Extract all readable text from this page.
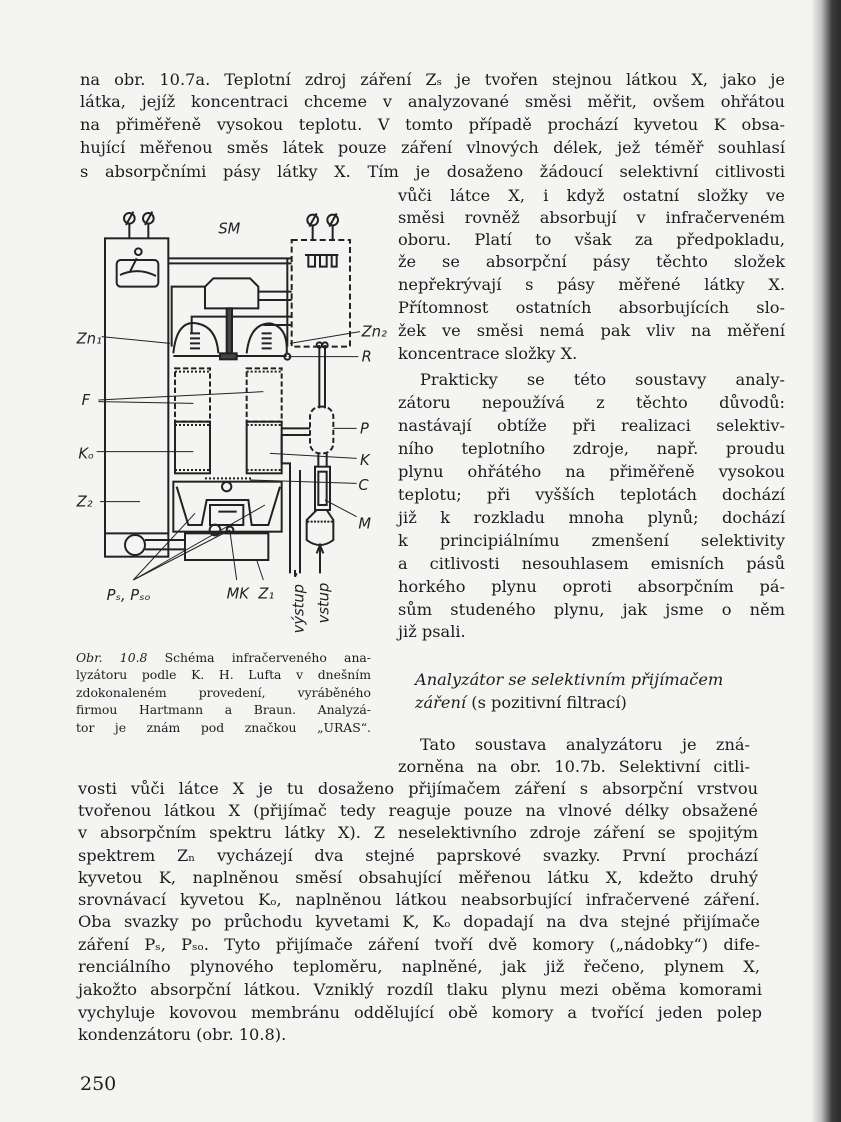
na obr. 10.7a. Teplotní zdroj záření Zₛ je tvořen stejnou látkou X, jako je
látka, jejíž koncentraci chceme v analyzované směsi měřit, ovšem ohřátou
na přiměřeně vysokou teplotu. V tomto případě prochází kyvetou K obsa-
hující měřenou směs látek pouze záření vlnových délek, jež téměř souhlasí
s absorpčními pásy látky X. Tím je dosaženo žádoucí selektivní citlivosti
vůči látce X, i když ostatní složky ve
směsi rovněž absorbují v infračerveném
oboru. Platí to však za předpokladu,
že se absorpční pásy těchto složek
nepřekrývají s pásy měřené látky X.
Přítomnost ostatních absorbujících slo-
žek ve směsi nemá pak vliv na měření
koncentrace složky X.
Prakticky se této soustavy analy-
zátoru nepoužívá z těchto důvodů:
nastávají obtíže při realizaci selektiv-
ního teplotního zdroje, např. proudu
plynu ohřátého na přiměřeně vysokou
teplotu; při vyšších teplotách dochází
již k rozkladu mnoha plynů; dochází
k principiálnímu zmenšení selektivity
a citlivosti nesouhlasem emisních pásů
horkého plynu oproti absorpčním pá-
sům studeného plynu, jak jsme o něm
již psali.
Analyzátor se selektivním přijímačem
záření (s pozitivní filtrací)
Tato soustava analyzátoru je zná-
zorněna na obr. 10.7b. Selektivní citli-
vosti vůči látce X je tu dosaženo přijímačem záření s absorpční vrstvou
tvořenou látkou X (přijímač tedy reaguje pouze na vlnové délky obsažené
v absorpčním spektru látky X). Z neselektivního zdroje záření se spojitým
spektrem Zₙ vycházejí dva stejné paprskové svazky. První prochází
kyvetou K, naplněnou směsí obsahující měřenou látku X, kdežto druhý
srovnávací kyvetou Kₒ, naplněnou látkou neabsorbující infračervené záření.
Oba svazky po průchodu kyvetami K, Kₒ dopadají na dva stejné přijímače
záření Pₛ, Pₛₒ. Tyto přijímače záření tvoří dvě komory („nádobky“) dife-
renciálního plynového teploměru, naplněné, jak již řečeno, plynem X,
jakožto absorpční látkou. Vzniklý rozdíl tlaku plynu mezi oběma komorami
vychyluje kovovou membránu oddělující obě komory a tvořící jeden polep
kondenzátoru (obr. 10.8).
SM
Zn₁	Zn₂
R
F
Kₒ
Z₂
P
K
C
M
Pₛ, Pₛₒ MK Z₁ výstup vstup
Obr. 10.8 Schéma infračerveného ana-
lyzátoru podle K. H. Lufta v dnešním
zdokonaleném provedení, vyráběného
firmou Hartmann a Braun. Analyzá-
tor je znám pod značkou „URAS“.
250
